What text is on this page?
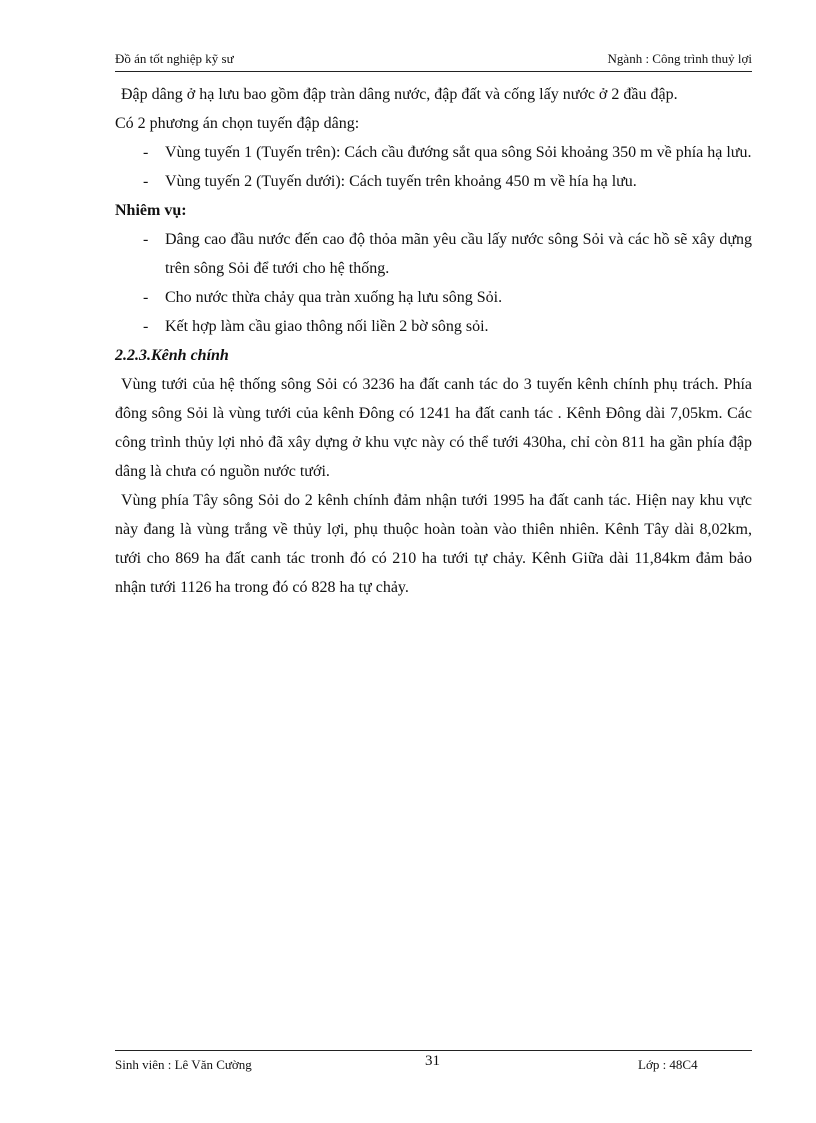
Đồ án tốt nghiệp kỹ sư	Ngành : Công trình thuỷ lợi

Đập dâng ở hạ lưu bao gồm đập tràn dâng nước, đập đất và cống lấy nước ở 2 đầu đập.

Có 2 phương án chọn tuyến đập dâng:

- Vùng tuyến 1 (Tuyến trên): Cách cầu đướng sắt qua sông Sỏi khoảng 350 m về phía hạ lưu.
- Vùng tuyến 2 (Tuyến dưới): Cách tuyến trên khoảng 450 m về hía hạ lưu.

Nhiêm vụ:

- Dâng cao đầu nước đến cao độ thỏa mãn yêu cầu lấy nước sông Sỏi và các hồ sẽ xây dựng trên sông Sỏi để tưới cho hệ thống.
- Cho nước thừa chảy qua tràn xuống hạ lưu sông Sỏi.
- Kết hợp làm cầu giao thông nối liền 2 bờ sông sỏi.

2.2.3.Kênh chính

Vùng tưới của hệ thống sông Sỏi có 3236 ha đất canh tác do 3 tuyến kênh chính phụ trách. Phía đông sông Sỏi là vùng tưới của kênh Đông có 1241 ha đất canh tác . Kênh Đông dài 7,05km. Các công trình thủy lợi nhỏ đã xây dựng ở khu vực này có thể tưới 430ha, chỉ còn 811 ha gần phía đập dâng là chưa có nguồn nước tưới.

Vùng phía Tây sông Sỏi do 2 kênh chính đảm nhận tưới 1995 ha đất canh tác. Hiện nay khu vực này đang là vùng trắng về thủy lợi, phụ thuộc hoàn toàn vào thiên nhiên. Kênh Tây dài 8,02km, tưới cho 869 ha đất canh tác tronh đó có 210 ha tưới tự chảy. Kênh Giữa dài 11,84km đảm bảo nhận tưới 1126 ha trong đó có 828 ha tự chảy.

Sinh viên : Lê Văn Cường	31	Lớp : 48C4
